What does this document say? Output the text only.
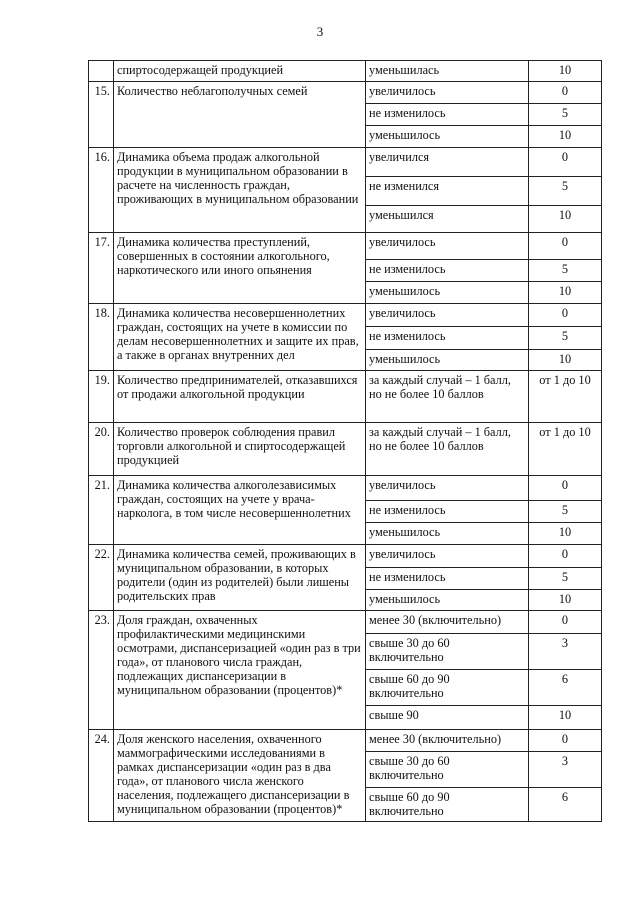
3
	спиртосодержащей продукцией	уменьшилась	10
15.	Количество неблагополучных семей	увеличилось	0
		не изменилось	5
		уменьшилось	10
16.	Динамика объема продаж алкогольной продукции в муниципальном образовании в расчете на численность граждан, проживающих в муниципальном образовании	увеличился	0
		не изменился	5
		уменьшился	10
17.	Динамика количества преступлений, совершенных в состоянии алкогольного, наркотического или иного опьянения	увеличилось	0
		не изменилось	5
		уменьшилось	10
18.	Динамика количества несовершеннолетних граждан, состоящих на учете в комиссии по делам несовершеннолетних и защите их прав, а также в органах внутренних дел	увеличилось	0
		не изменилось	5
		уменьшилось	10
19.	Количество предпринимателей, отказавшихся от продажи алкогольной продукции	за каждый случай – 1 балл, но не более 10 баллов	от 1 до 10
20.	Количество проверок соблюдения правил торговли алкогольной и спиртосодержащей продукцией	за каждый случай – 1 балл, но не более 10 баллов	от 1 до 10
21.	Динамика количества алкоголезависимых граждан, состоящих на учете у врача-нарколога, в том числе несовершеннолетних	увеличилось	0
		не изменилось	5
		уменьшилось	10
22.	Динамика количества семей, проживающих в муниципальном образовании, в которых родители (один из родителей) были лишены родительских прав	увеличилось	0
		не изменилось	5
		уменьшилось	10
23.	Доля граждан, охваченных профилактическими медицинскими осмотрами, диспансеризацией «один раз в три года», от планового числа граждан, подлежащих диспансеризации в муниципальном образовании (процентов)*	менее 30 (включительно)	0
		свыше 30 до 60 включительно	3
		свыше 60 до 90 включительно	6
		свыше 90	10
24.	Доля женского населения, охваченного маммографическими исследованиями в рамках диспансеризации «один раз в два года», от планового числа женского населения, подлежащего диспансеризации в муниципальном образовании (процентов)*	менее 30 (включительно)	0
		свыше 30 до 60 включительно	3
		свыше 60 до 90 включительно	6
